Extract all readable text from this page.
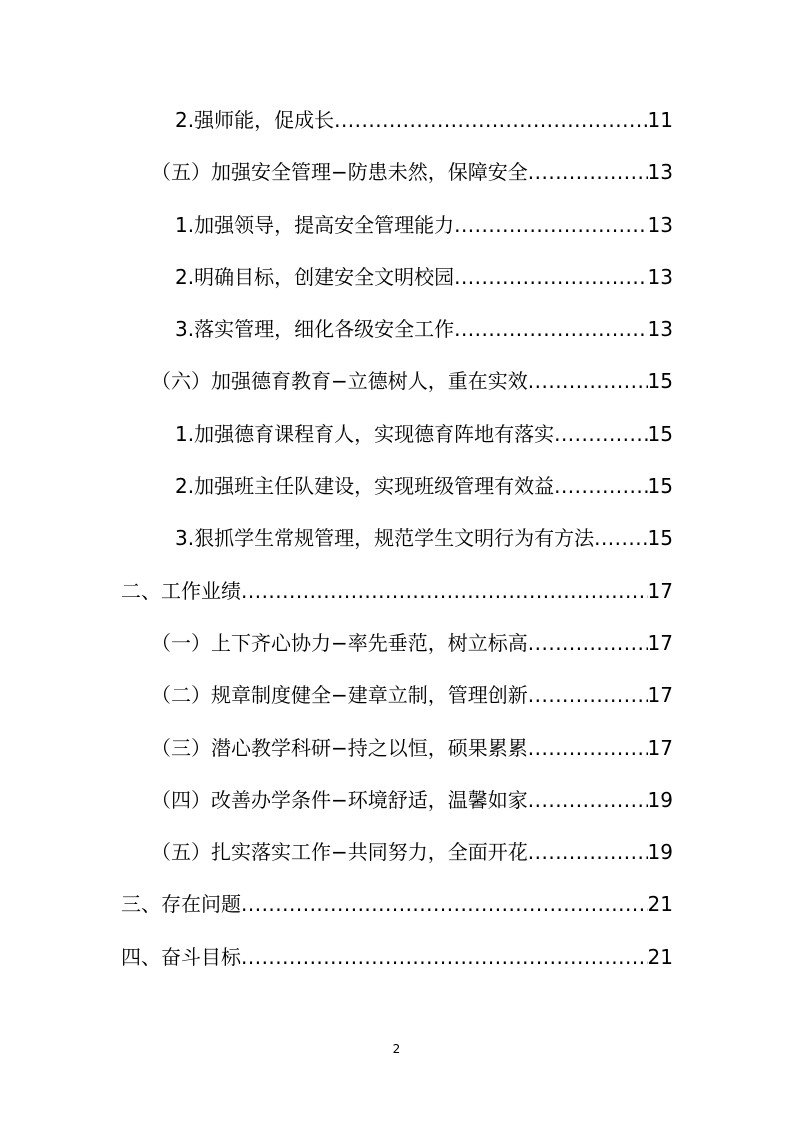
2.强师能，促成长 .....	11
（五）加强安全管理−防患未然，保障安全 .....	13
1.加强领导，提高安全管理能力 .....	13
2.明确目标，创建安全文明校园 .....	13
3.落实管理，细化各级安全工作 .....	13
（六）加强德育教育−立德树人，重在实效 .....	15
1.加强德育课程育人，实现德育阵地有落实 .....	15
2.加强班主任队建设，实现班级管理有效益 .....	15
3.狠抓学生常规管理，规范学生文明行为有方法 .....	15
二、工作业绩 .....	17
（一）上下齐心协力−率先垂范，树立标高 .....	17
（二）规章制度健全−建章立制，管理创新 .....	17
（三）潜心教学科研−持之以恒，硕果累累 .....	17
（四）改善办学条件−环境舒适，温馨如家 .....	19
（五）扎实落实工作−共同努力，全面开花 .....	19
三、存在问题 .....	21
四、奋斗目标 .....	21
2
